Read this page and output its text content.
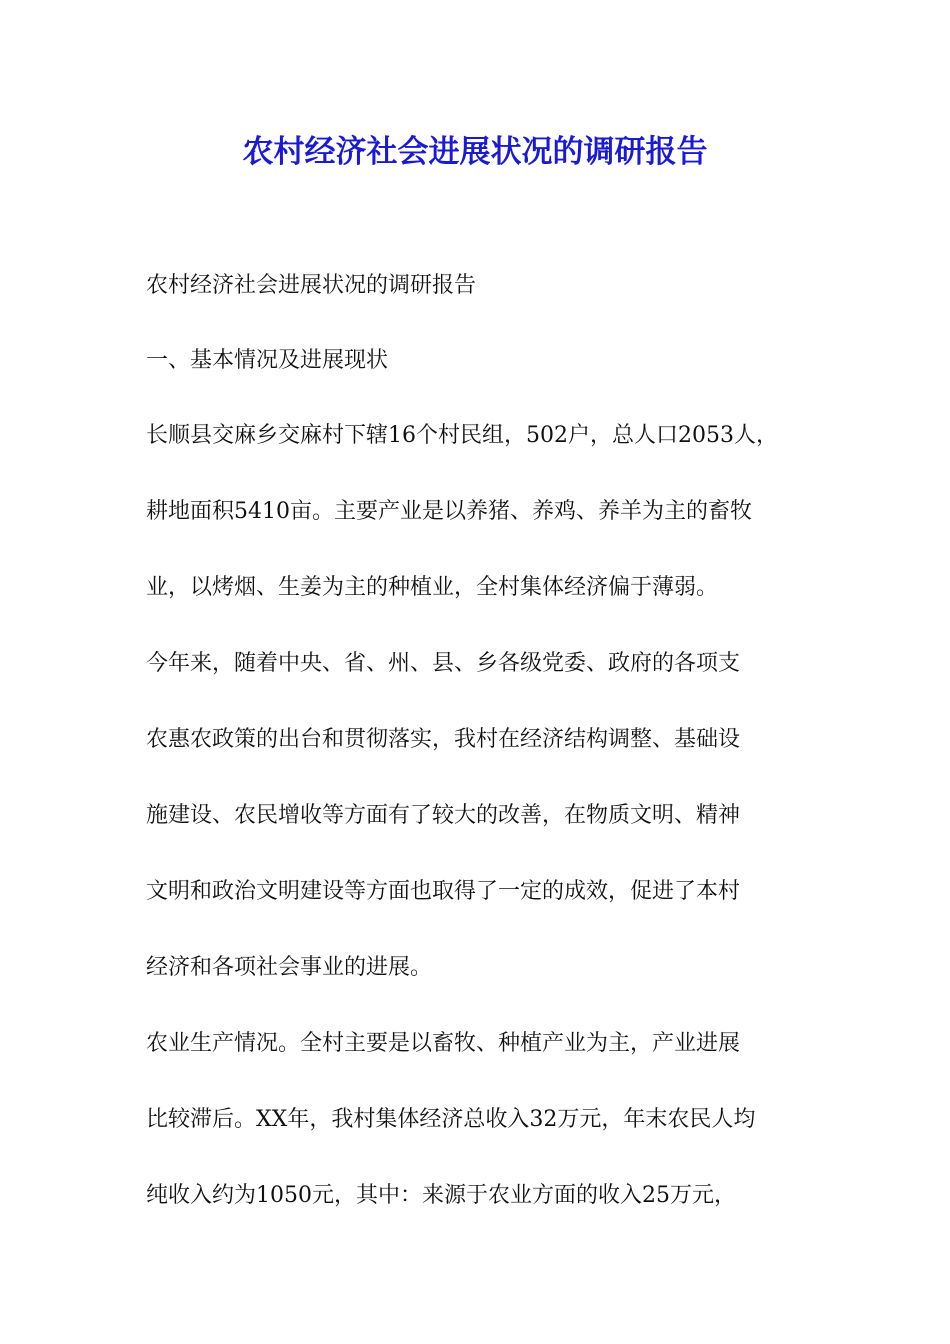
农村经济社会进展状况的调研报告
农村经济社会进展状况的调研报告
一、基本情况及进展现状
长顺县交麻乡交麻村下辖16个村民组，502户，总人口2053人，
耕地面积5410亩。主要产业是以养猪、养鸡、养羊为主的畜牧
业，以烤烟、生姜为主的种植业，全村集体经济偏于薄弱。
今年来，随着中央、省、州、县、乡各级党委、政府的各项支
农惠农政策的出台和贯彻落实，我村在经济结构调整、基础设
施建设、农民增收等方面有了较大的改善，在物质文明、精神
文明和政治文明建设等方面也取得了一定的成效，促进了本村
经济和各项社会事业的进展。
农业生产情况。全村主要是以畜牧、种植产业为主，产业进展
比较滞后。XX年，我村集体经济总收入32万元，年末农民人均
纯收入约为1050元，其中：来源于农业方面的收入25万元，
